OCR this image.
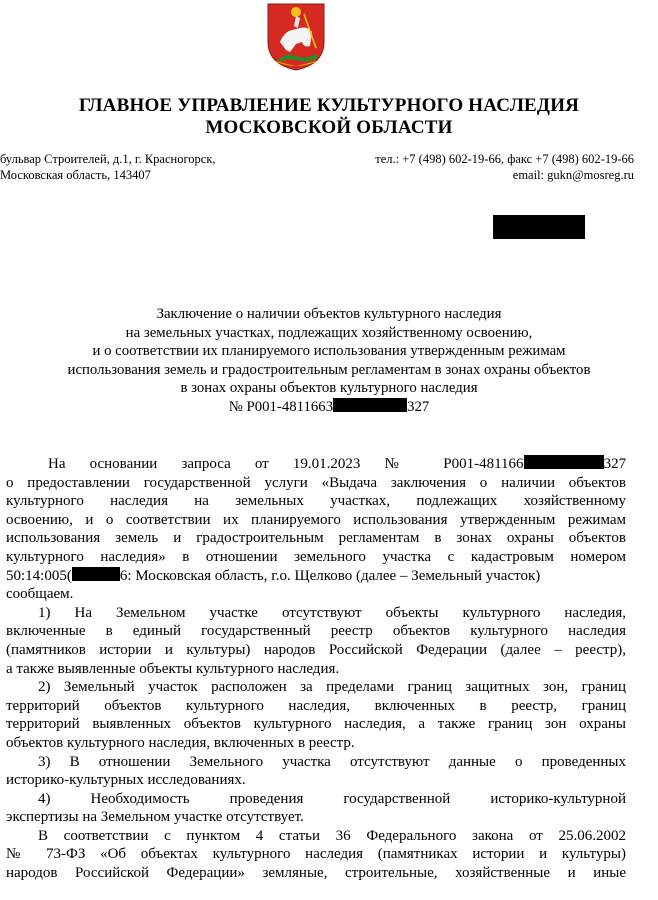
ГЛАВНОЕ УПРАВЛЕНИЕ КУЛЬТУРНОГО НАСЛЕДИЯ
МОСКОВСКОЙ ОБЛАСТИ
бульвар Строителей, д.1, г. Красногорск,
Московская область, 143407
тел.: +7 (498) 602-19-66, факс +7 (498) 602-19-66
email: gukn@mosreg.ru
Заключение о наличии объектов культурного наследия
на земельных участках, подлежащих хозяйственному освоению,
и о соответствии их планируемого использования утвержденным режимам
использования земель и градостроительным регламентам в зонах охраны объектов
в зонах охраны объектов культурного наследия
№ Р001-4811663	327
На основании запроса от 19.01.2023 № Р001-481166	327
о предоставлении государственной услуги «Выдача заключения о наличии объектов
культурного наследия на земельных участках, подлежащих хозяйственному
освоению, и о соответствии их планируемого использования утвержденным режимам
использования земель и градостроительным регламентам в зонах охраны объектов
культурного наследия» в отношении земельного участка с кадастровым номером
50:14:005(	6: Московская область, г.о. Щелково (далее – Земельный участок)
сообщаем.
1) На Земельном участке отсутствуют объекты культурного наследия,
включенные в единый государственный реестр объектов культурного наследия
(памятников истории и культуры) народов Российской Федерации (далее – реестр),
а также выявленные объекты культурного наследия.
2) Земельный участок расположен за пределами границ защитных зон, границ
территорий объектов культурного наследия, включенных в реестр, границ
территорий выявленных объектов культурного наследия, а также границ зон охраны
объектов культурного наследия, включенных в реестр.
3) В отношении Земельного участка отсутствуют данные о проведенных
историко-культурных исследованиях.
4) Необходимость проведения государственной историко-культурной
экспертизы на Земельном участке отсутствует.
В соответствии с пунктом 4 статьи 36 Федерального закона от 25.06.2002
№ 73-ФЗ «Об объектах культурного наследия (памятниках истории и культуры)
народов Российской Федерации» земляные, строительные, хозяйственные и иные
